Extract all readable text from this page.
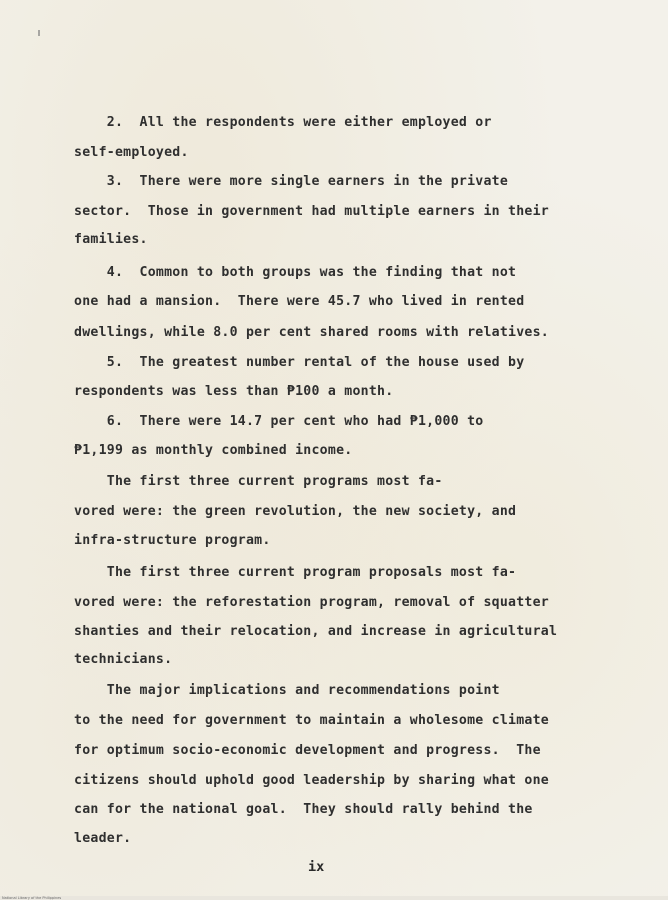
2.  All the respondents were either employed or
self-employed.
3.  There were more single earners in the private
sector.  Those in government had multiple earners in their
families.
4.  Common to both groups was the finding that not
one had a mansion.  There were 45.7 who lived in rented
dwellings, while 8.0 per cent shared rooms with relatives.
5.  The greatest number rental of the house used by
respondents was less than ₱100 a month.
6.  There were 14.7 per cent who had ₱1,000 to
₱1,199 as monthly combined income.
The first three current programs most fa-
vored were: the green revolution, the new society, and
infra-structure program.
The first three current program proposals most fa-
vored were: the reforestation program, removal of squatter
shanties and their relocation, and increase in agricultural
technicians.
The major implications and recommendations point
to the need for government to maintain a wholesome climate
for optimum socio-economic development and progress.  The
citizens should uphold good leadership by sharing what one
can for the national goal.  They should rally behind the
leader.
ix
National Library of the Philippines
